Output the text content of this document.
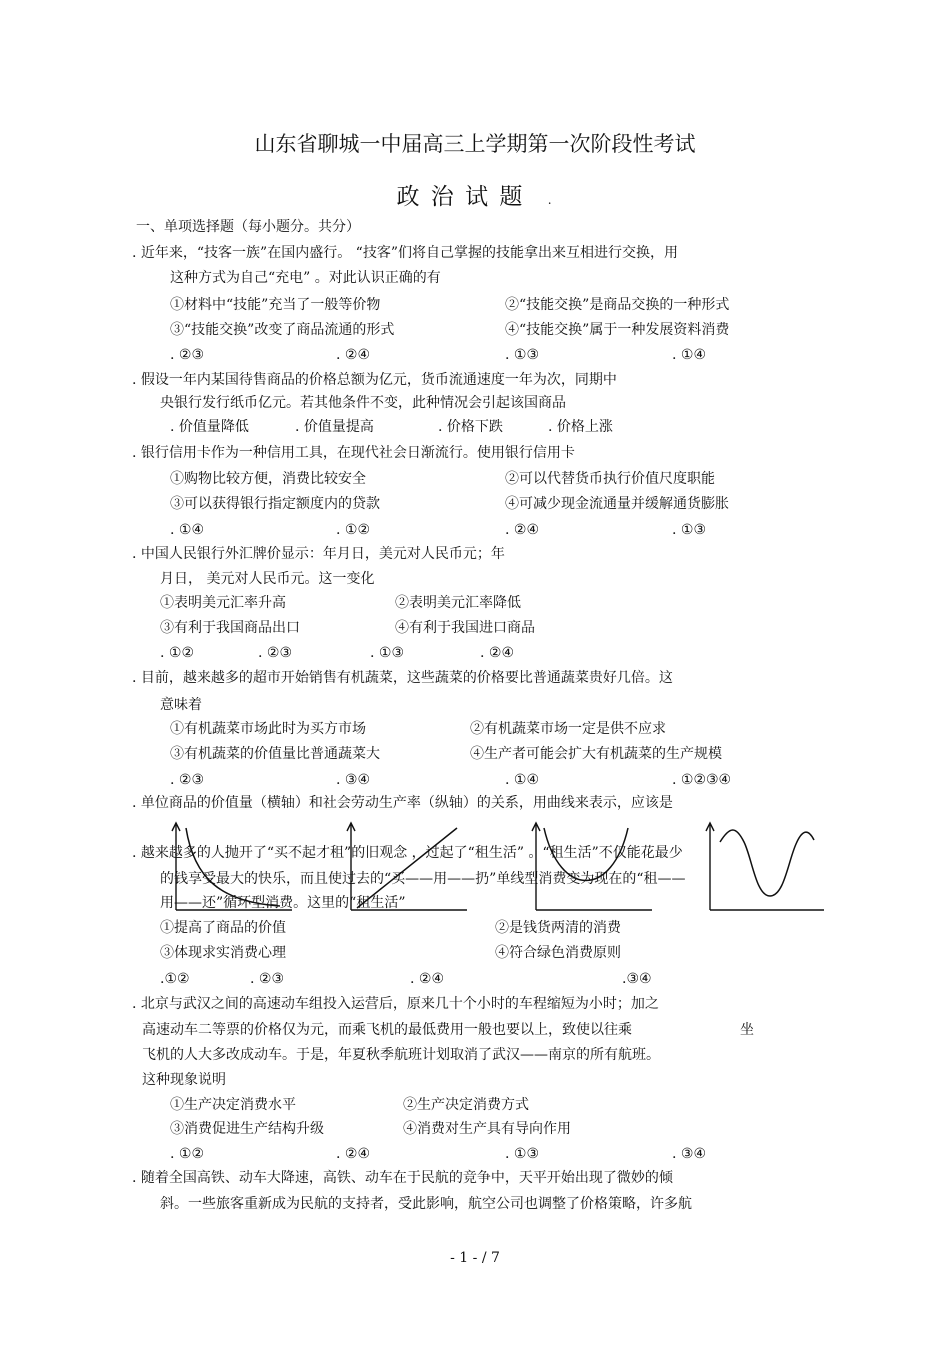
山东省聊城一中届高三上学期第一次阶段性考试
政 治 试 题 .
一、单项选择题（每小题分。共分）
. 近年来，“技客一族”在国内盛行。 “技客”们将自己掌握的技能拿出来互相进行交换，用
这种方式为自己“充电” 。对此认识正确的有
①材料中“技能”充当了一般等价物	②“技能交换”是商品交换的一种形式
③“技能交换”改变了商品流通的形式	④“技能交换”属于一种发展资料消费
. ②③	. ②④	. ①③	. ①④
. 假设一年内某国待售商品的价格总额为亿元，货币流通速度一年为次，同期中
央银行发行纸币亿元。若其他条件不变，此种情况会引起该国商品
. 价值量降低	. 价值量提高	. 价格下跌	. 价格上涨
. 银行信用卡作为一种信用工具，在现代社会日渐流行。使用银行信用卡
①购物比较方便，消费比较安全	②可以代替货币执行价值尺度职能
③可以获得银行指定额度内的贷款	④可减少现金流通量并缓解通货膨胀
. ①④	. ①②	. ②④	. ①③
. 中国人民银行外汇牌价显示：年月日，美元对人民币元；年
月日， 美元对人民币元。这一变化
①表明美元汇率升高	②表明美元汇率降低
③有利于我国商品出口	④有利于我国进口商品
. ①②	. ②③	. ①③	. ②④
. 目前，越来越多的超市开始销售有机蔬菜，这些蔬菜的价格要比普通蔬菜贵好几倍。这
意味着
①有机蔬菜市场此时为买方市场	②有机蔬菜市场一定是供不应求
③有机蔬菜的价值量比普通蔬菜大	④生产者可能会扩大有机蔬菜的生产规模
. ②③	. ③④	. ①④	. ①②③④
. 单位商品的价值量（横轴）和社会劳动生产率（纵轴）的关系，用曲线来表示，应该是
. 越来越多的人抛开了“买不起才租”的旧观念 ，过起了“租生活” 。“租生活”不仅能花最少
的钱享受最大的快乐，而且使过去的“买——用——扔”单线型消费变为现在的“租——
用——还”循环型消费。这里的“租生活”
①提高了商品的价值	②是钱货两清的消费
③体现求实消费心理	④符合绿色消费原则
.①②	. ②③	. ②④	.③④
. 北京与武汉之间的高速动车组投入运营后，原来几十个小时的车程缩短为小时；加之
高速动车二等票的价格仅为元，而乘飞机的最低费用一般也要以上，致使以往乘	坐
飞机的人大多改成动车。于是，年夏秋季航班计划取消了武汉——南京的所有航班。
这种现象说明
①生产决定消费水平	②生产决定消费方式
③消费促进生产结构升级	④消费对生产具有导向作用
. ①②	. ②④	. ①③	. ③④
. 随着全国高铁、动车大降速，高铁、动车在于民航的竞争中，天平开始出现了微妙的倾
斜。一些旅客重新成为民航的支持者，受此影响，航空公司也调整了价格策略，许多航
- 1 - / 7
